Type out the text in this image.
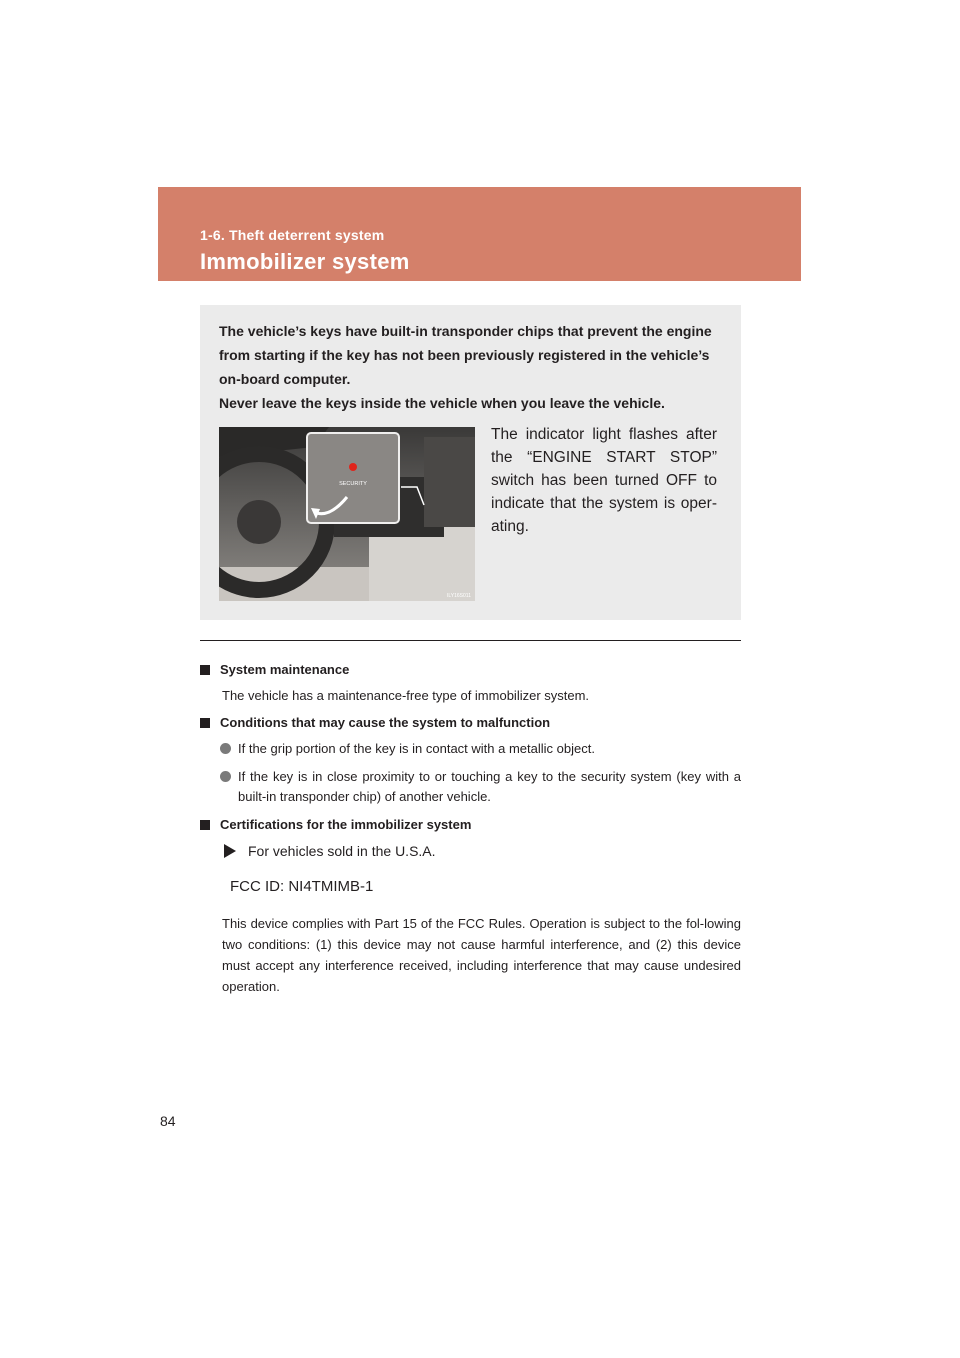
1-6. Theft deterrent system
Immobilizer system
The vehicle’s keys have built-in transponder chips that prevent the engine from starting if the key has not been previously registered in the vehicle’s on-board computer.
Never leave the keys inside the vehicle when you leave the vehicle.
SECURITY
ILY16S011
The indicator light flashes after the “ENGINE START STOP” switch has been turned OFF to indicate that the system is oper-ating.
System maintenance
The vehicle has a maintenance-free type of immobilizer system.
Conditions that may cause the system to malfunction
If the grip portion of the key is in contact with a metallic object.
If the key is in close proximity to or touching a key to the security system (key with a built-in transponder chip) of another vehicle.
Certifications for the immobilizer system
For vehicles sold in the U.S.A.
FCC ID: NI4TMIMB-1
This device complies with Part 15 of the FCC Rules. Operation is subject to the fol-lowing two conditions: (1) this device may not cause harmful interference, and (2) this device must accept any interference received, including interference that may cause undesired operation.
84
